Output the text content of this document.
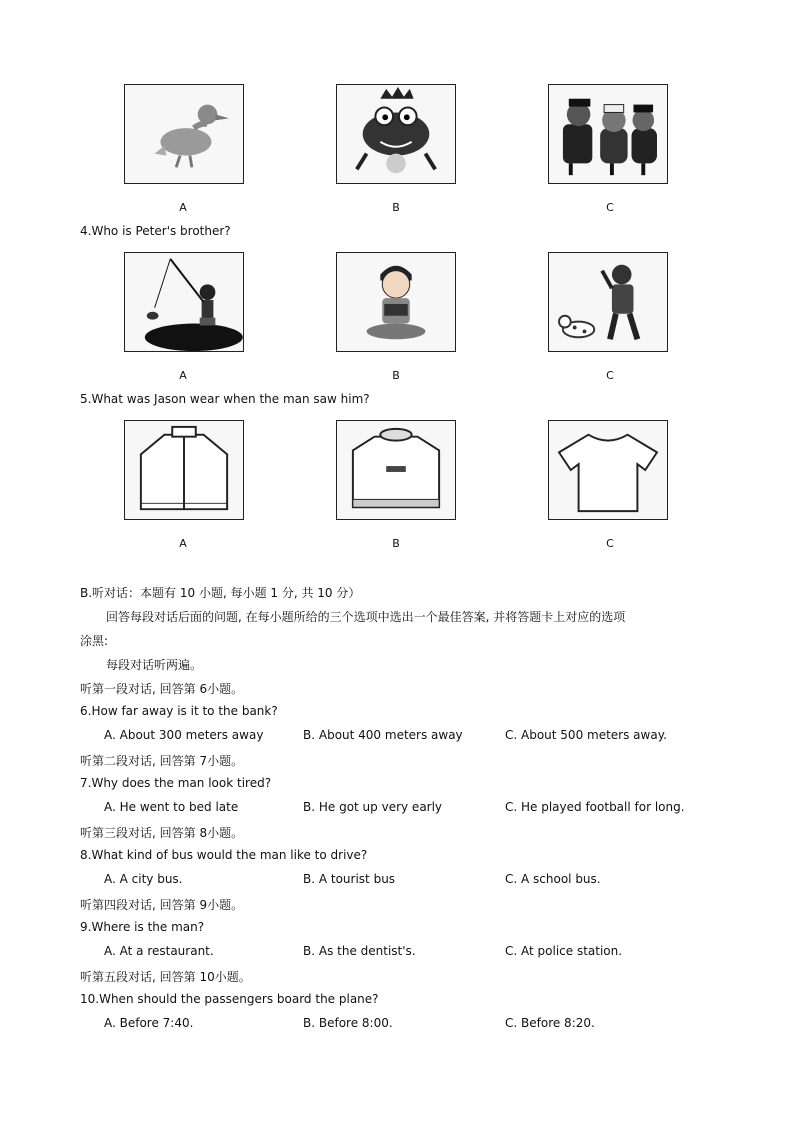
A	B	C
4.Who is Peter's brother?
A	B	C
5.What was Jason wear when the man saw him?
A	B	C
B.听对话：本题有 10 小题, 每小题 1 分, 共 10 分）
回答每段对话后面的问题, 在每小题所给的三个选项中选出一个最佳答案, 并将答题卡上对应的选项
涂黑:
每段对话听两遍。
听第一段对话, 回答第 6小题。
6.How far away is it to the bank?
A. About 300 meters away	B. About 400 meters away	C. About 500 meters away.
听第二段对话, 回答第 7小题。
7.Why does the man look tired?
A. He went to bed late	B. He got up very early	C. He played football for long.
听第三段对话, 回答第 8小题。
8.What kind of bus would the man like to drive?
A. A city bus.	B. A tourist bus	C. A school bus.
听第四段对话, 回答第 9小题。
9.Where is the man?
A. At a restaurant.	B. As the dentist's.	C. At police station.
听第五段对话, 回答第 10小题。
10.When should the passengers board the plane?
A. Before 7:40.	B. Before 8:00.	C. Before 8:20.
